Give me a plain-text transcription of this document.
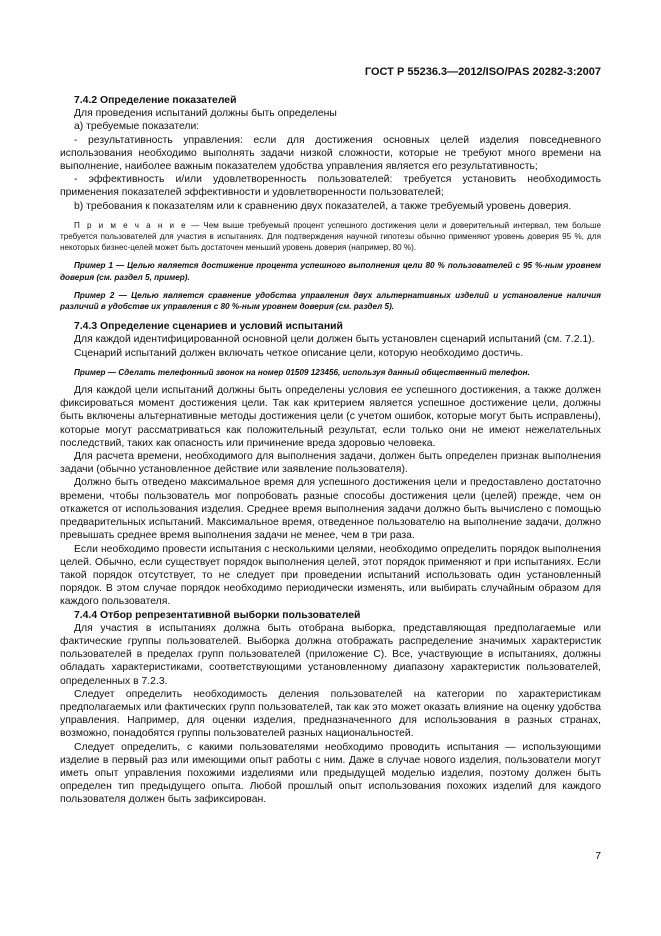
ГОСТ Р 55236.3—2012/ISO/PAS 20282-3:2007

7.4.2 Определение показателей

Для проведения испытаний должны быть определены

а) требуемые показатели:

- результативность управления: если для достижения основных целей изделия повседневного использования необходимо выполнять задачи низкой сложности, которые не требуют много времени на выполнение, наиболее важным показателем удобства управления является его результативность;

- эффективность и/или удовлетворенность пользователей: требуется установить необходимость применения показателей эффективности и удовлетворенности пользователей;

b) требования к показателям или к сравнению двух показателей, а также требуемый уровень доверия.

П р и м е ч а н и е — Чем выше требуемый процент успешного достижения цели и доверительный интервал, тем больше требуется пользователей для участия в испытаниях. Для подтверждения научной гипотезы обычно применяют уровень доверия 95 %, для некоторых бизнес-целей может быть достаточен меньший уровень доверия (например, 80 %).

Пример 1 — Целью является достижение процента успешного выполнения цели 80 % пользователей с 95 %-ным уровнем доверия (см. раздел 5, пример).

Пример 2 — Целью является сравнение удобства управления двух альтернативных изделий и установление наличия различий в удобстве их управления с 80 %-ным уровнем доверия (см. раздел 5).

7.4.3 Определение сценариев и условий испытаний

Для каждой идентифицированной основной цели должен быть установлен сценарий испытаний (см. 7.2.1).

Сценарий испытаний должен включать четкое описание цели, которую необходимо достичь.

Пример — Сделать телефонный звонок на номер 01509 123456, используя данный общественный телефон.

Для каждой цели испытаний должны быть определены условия ее успешного достижения, а также должен фиксироваться момент достижения цели. Так как критерием является успешное достижение цели, должны быть включены альтернативные методы достижения цели (с учетом ошибок, которые могут быть исправлены), которые могут рассматриваться как положительный результат, если только они не имеют нежелательных последствий, таких как опасность или причинение вреда здоровью человека.

Для расчета времени, необходимого для выполнения задачи, должен быть определен признак выполнения задачи (обычно установленное действие или заявление пользователя).

Должно быть отведено максимальное время для успешного достижения цели и предоставлено достаточно времени, чтобы пользователь мог попробовать разные способы достижения цели (целей) прежде, чем он откажется от использования изделия. Среднее время выполнения задачи должно быть вычислено с помощью предварительных испытаний. Максимальное время, отведенное пользователю на выполнение задачи, должно превышать среднее время выполнения задачи не менее, чем в три раза.

Если необходимо провести испытания с несколькими целями, необходимо определить порядок выполнения целей. Обычно, если существует порядок выполнения целей, этот порядок применяют и при испытаниях. Если такой порядок отсутствует, то не следует при проведении испытаний использовать один установленный порядок. В этом случае порядок необходимо периодически изменять, или выбирать случайным образом для каждого пользователя.

7.4.4 Отбор репрезентативной выборки пользователей

Для участия в испытаниях должна быть отобрана выборка, представляющая предполагаемые или фактические группы пользователей. Выборка должна отображать распределение значимых характеристик пользователей в пределах групп пользователей (приложение С). Все, участвующие в испытаниях, должны обладать характеристиками, соответствующими установленному диапазону характеристик пользователей, определенных в 7.2.3.

Следует определить необходимость деления пользователей на категории по характеристикам предполагаемых или фактических групп пользователей, так как это может оказать влияние на оценку удобства управления. Например, для оценки изделия, предназначенного для использования в разных странах, возможно, понадобятся группы пользователей разных национальностей.

Следует определить, с какими пользователями необходимо проводить испытания — использующими изделие в первый раз или имеющими опыт работы с ним. Даже в случае нового изделия, пользователи могут иметь опыт управления похожими изделиями или предыдущей моделью изделия, поэтому должен быть определен тип предыдущего опыта. Любой прошлый опыт использования похожих изделий для каждого пользователя должен быть зафиксирован.

7
